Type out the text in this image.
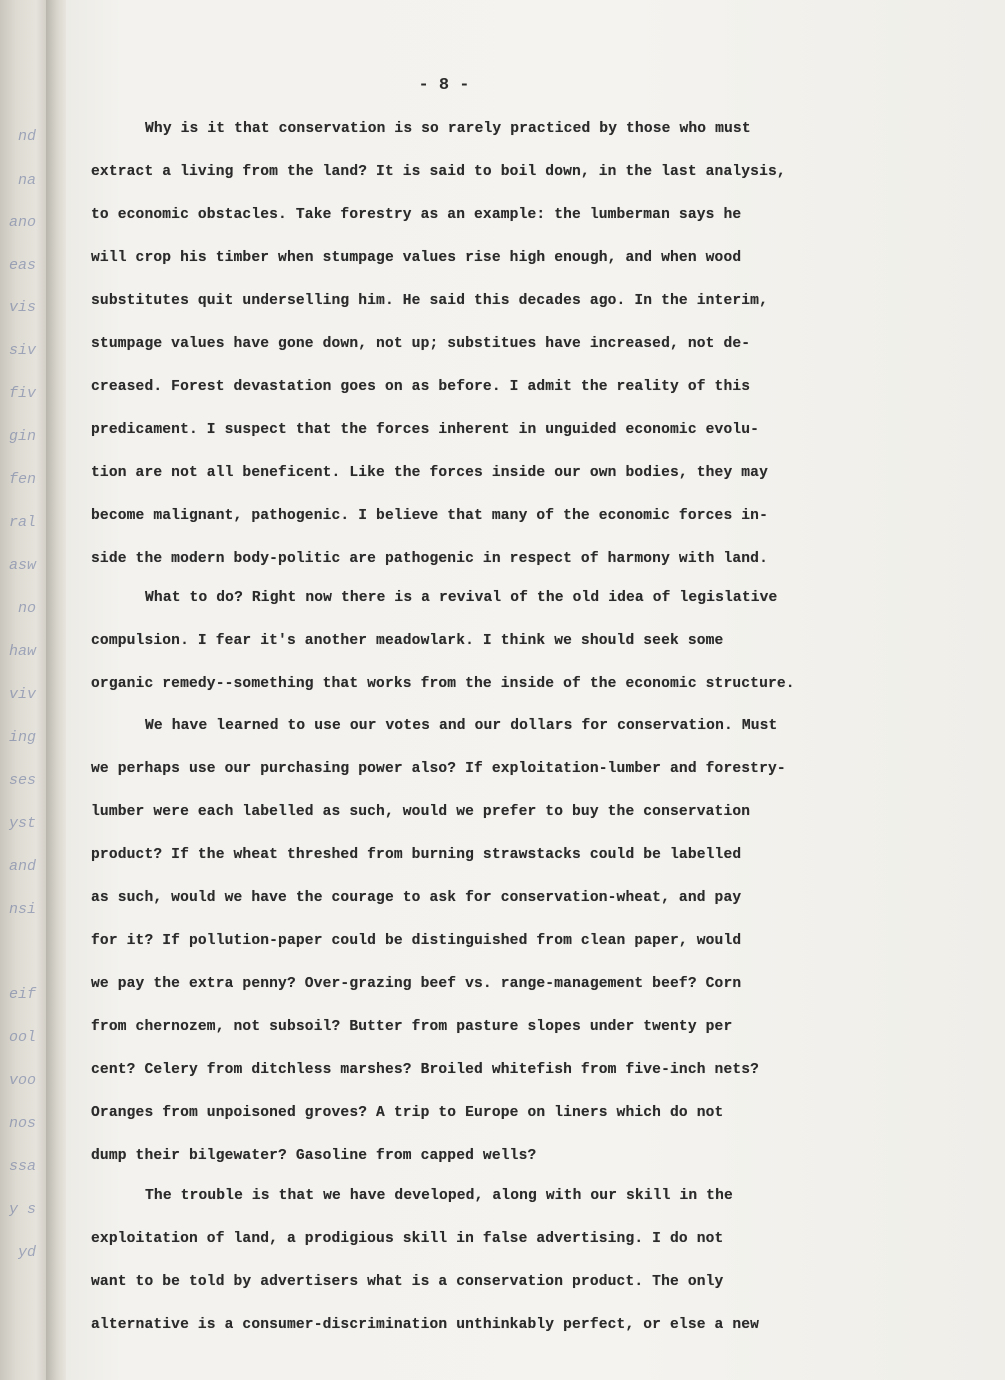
nd
na
ano
eas
vis
siv
fiv
gin
fen
ral
asw
no
haw
viv
ing
ses
yst
and
nsi
eif
ool
voo
nos
ssa
y s
yd
- 8 -
Why is it that conservation is so rarely practiced by those who must
extract a living from the land? It is said to boil down, in the last analysis,
to economic obstacles. Take forestry as an example: the lumberman says he
will crop his timber when stumpage values rise high enough, and when wood
substitutes quit underselling him. He said this decades ago. In the interim,
stumpage values have gone down, not up; substitues have increased, not de-
creased. Forest devastation goes on as before. I admit the reality of this
predicament. I suspect that the forces inherent in unguided economic evolu-
tion are not all beneficent. Like the forces inside our own bodies, they may
become malignant, pathogenic. I believe that many of the economic forces in-
side the modern body-politic are pathogenic in respect of harmony with land.
What to do? Right now there is a revival of the old idea of legislative
compulsion. I fear it's another meadowlark. I think we should seek some
organic remedy--something that works from the inside of the economic structure.
We have learned to use our votes and our dollars for conservation. Must
we perhaps use our purchasing power also? If exploitation-lumber and forestry-
lumber were each labelled as such, would we prefer to buy the conservation
product? If the wheat threshed from burning strawstacks could be labelled
as such, would we have the courage to ask for conservation-wheat, and pay
for it? If pollution-paper could be distinguished from clean paper, would
we pay the extra penny? Over-grazing beef vs. range-management beef? Corn
from chernozem, not subsoil? Butter from pasture slopes under twenty per
cent? Celery from ditchless marshes? Broiled whitefish from five-inch nets?
Oranges from unpoisoned groves? A trip to Europe on liners which do not
dump their bilgewater? Gasoline from capped wells?
The trouble is that we have developed, along with our skill in the
exploitation of land, a prodigious skill in false advertising. I do not
want to be told by advertisers what is a conservation product. The only
alternative is a consumer-discrimination unthinkably perfect, or else a new
